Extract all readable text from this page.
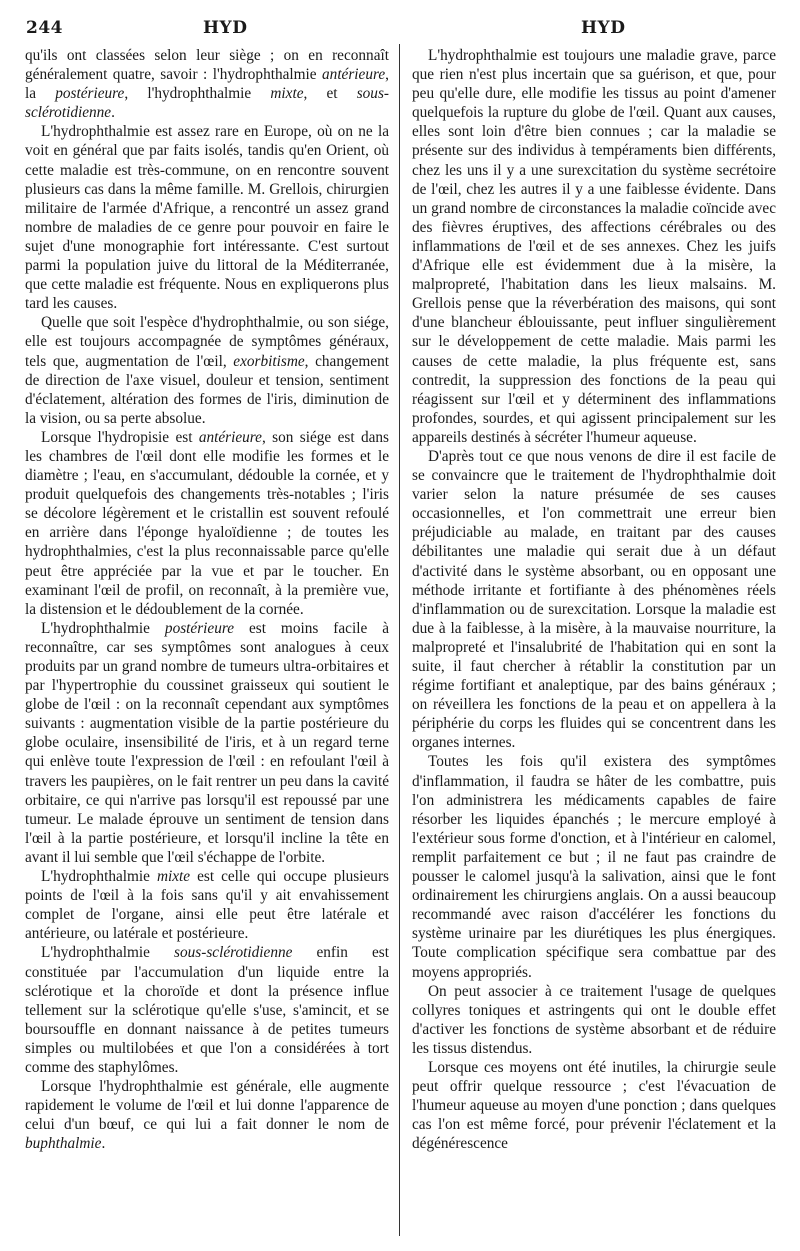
244	HYD	HYD

qu'ils ont classées selon leur siège ; on en reconnaît généralement quatre, savoir : l'hydrophthalmie antérieure, la postérieure, l'hydrophthalmie mixte, et sous-sclérotidienne.

L'hydrophthalmie est assez rare en Europe, où on ne la voit en général que par faits isolés, tandis qu'en Orient, où cette maladie est très-commune, on en rencontre souvent plusieurs cas dans la même famille. M. Grellois, chirurgien militaire de l'armée d'Afrique, a rencontré un assez grand nombre de maladies de ce genre pour pouvoir en faire le sujet d'une monographie fort intéressante. C'est surtout parmi la population juive du littoral de la Méditerranée, que cette maladie est fréquente. Nous en expliquerons plus tard les causes.

Quelle que soit l'espèce d'hydrophthalmie, ou son siége, elle est toujours accompagnée de symptômes généraux, tels que, augmentation de l'œil, exorbitisme, changement de direction de l'axe visuel, douleur et tension, sentiment d'éclatement, altération des formes de l'iris, diminution de la vision, ou sa perte absolue.

Lorsque l'hydropisie est antérieure, son siége est dans les chambres de l'œil dont elle modifie les formes et le diamètre ; l'eau, en s'accumulant, dédouble la cornée, et y produit quelquefois des changements très-notables ; l'iris se décolore légèrement et le cristallin est souvent refoulé en arrière dans l'éponge hyaloïdienne ; de toutes les hydrophthalmies, c'est la plus reconnaissable parce qu'elle peut être appréciée par la vue et par le toucher. En examinant l'œil de profil, on reconnaît, à la première vue, la distension et le dédoublement de la cornée.

L'hydrophthalmie postérieure est moins facile à reconnaître, car ses symptômes sont analogues à ceux produits par un grand nombre de tumeurs ultra-orbitaires et par l'hypertrophie du coussinet graisseux qui soutient le globe de l'œil : on la reconnaît cependant aux symptômes suivants : augmentation visible de la partie postérieure du globe oculaire, insensibilité de l'iris, et à un regard terne qui enlève toute l'expression de l'œil : en refoulant l'œil à travers les paupières, on le fait rentrer un peu dans la cavité orbitaire, ce qui n'arrive pas lorsqu'il est repoussé par une tumeur. Le malade éprouve un sentiment de tension dans l'œil à la partie postérieure, et lorsqu'il incline la tête en avant il lui semble que l'œil s'échappe de l'orbite.

L'hydrophthalmie mixte est celle qui occupe plusieurs points de l'œil à la fois sans qu'il y ait envahissement complet de l'organe, ainsi elle peut être latérale et antérieure, ou latérale et postérieure.

L'hydrophthalmie sous-sclérotidienne enfin est constituée par l'accumulation d'un liquide entre la sclérotique et la choroïde et dont la présence influe tellement sur la sclérotique qu'elle s'use, s'amincit, et se boursouffle en donnant naissance à de petites tumeurs simples ou multilobées et que l'on a considérées à tort comme des staphylômes.

Lorsque l'hydrophthalmie est générale, elle augmente rapidement le volume de l'œil et lui donne l'apparence de celui d'un bœuf, ce qui lui a fait donner le nom de buphthalmie.

L'hydrophthalmie est toujours une maladie grave, parce que rien n'est plus incertain que sa guérison, et que, pour peu qu'elle dure, elle modifie les tissus au point d'amener quelquefois la rupture du globe de l'œil. Quant aux causes, elles sont loin d'être bien connues ; car la maladie se présente sur des individus à tempéraments bien différents, chez les uns il y a une surexcitation du système secrétoire de l'œil, chez les autres il y a une faiblesse évidente. Dans un grand nombre de circonstances la maladie coïncide avec des fièvres éruptives, des affections cérébrales ou des inflammations de l'œil et de ses annexes. Chez les juifs d'Afrique elle est évidemment due à la misère, la malpropreté, l'habitation dans les lieux malsains. M. Grellois pense que la réverbération des maisons, qui sont d'une blancheur éblouissante, peut influer singulièrement sur le développement de cette maladie. Mais parmi les causes de cette maladie, la plus fréquente est, sans contredit, la suppression des fonctions de la peau qui réagissent sur l'œil et y déterminent des inflammations profondes, sourdes, et qui agissent principalement sur les appareils destinés à sécréter l'humeur aqueuse.

D'après tout ce que nous venons de dire il est facile de se convaincre que le traitement de l'hydrophthalmie doit varier selon la nature présumée de ses causes occasionnelles, et l'on commettrait une erreur bien préjudiciable au malade, en traitant par des causes débilitantes une maladie qui serait due à un défaut d'activité dans le système absorbant, ou en opposant une méthode irritante et fortifiante à des phénomènes réels d'inflammation ou de surexcitation. Lorsque la maladie est due à la faiblesse, à la misère, à la mauvaise nourriture, la malpropreté et l'insalubrité de l'habitation qui en sont la suite, il faut chercher à rétablir la constitution par un régime fortifiant et analeptique, par des bains généraux ; on réveillera les fonctions de la peau et on appellera à la périphérie du corps les fluides qui se concentrent dans les organes internes.

Toutes les fois qu'il existera des symptômes d'inflammation, il faudra se hâter de les combattre, puis l'on administrera les médicaments capables de faire résorber les liquides épanchés ; le mercure employé à l'extérieur sous forme d'onction, et à l'intérieur en calomel, remplit parfaitement ce but ; il ne faut pas craindre de pousser le calomel jusqu'à la salivation, ainsi que le font ordinairement les chirurgiens anglais. On a aussi beaucoup recommandé avec raison d'accélérer les fonctions du système urinaire par les diurétiques les plus énergiques. Toute complication spécifique sera combattue par des moyens appropriés.

On peut associer à ce traitement l'usage de quelques collyres toniques et astringents qui ont le double effet d'activer les fonctions de système absorbant et de réduire les tissus distendus.

Lorsque ces moyens ont été inutiles, la chirurgie seule peut offrir quelque ressource ; c'est l'évacuation de l'humeur aqueuse au moyen d'une ponction ; dans quelques cas l'on est même forcé, pour prévenir l'éclatement et la dégénérescence
